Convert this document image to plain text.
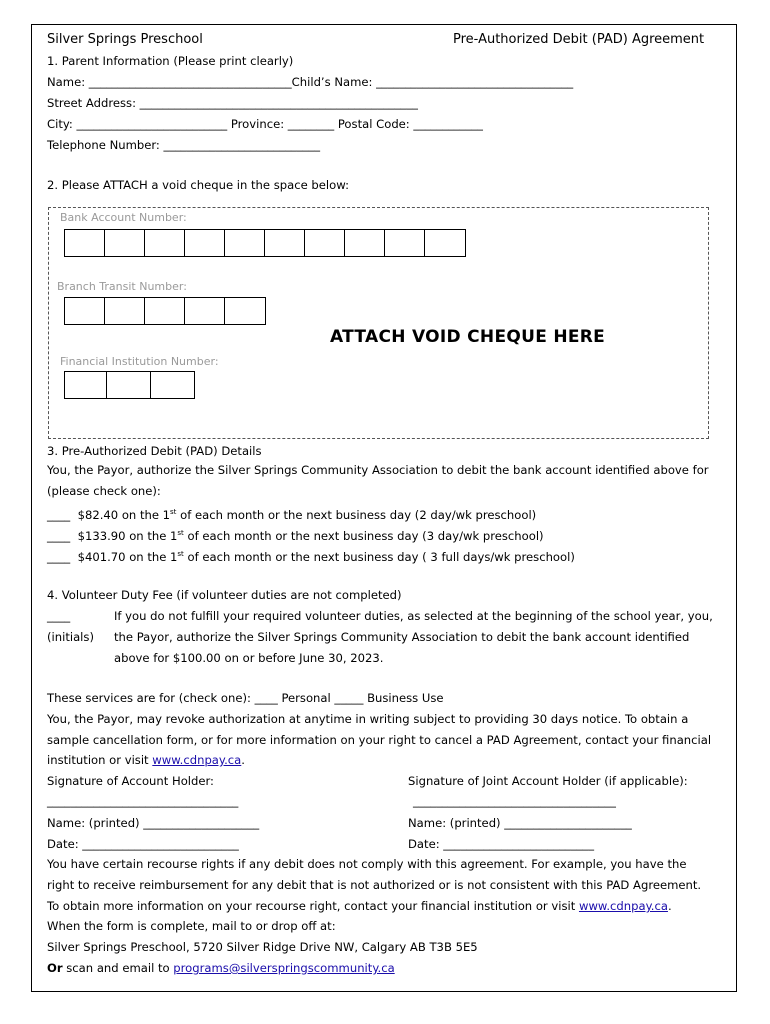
Silver Springs Preschool	Pre-Authorized Debit (PAD) Agreement
1. Parent Information (Please print clearly)
Name: ___________________________________Child’s Name: __________________________________
Street Address: ________________________________________________
City: __________________________ Province: ________ Postal Code: ____________
Telephone Number: ___________________________
2. Please ATTACH a void cheque in the space below:
Bank Account Number:
Branch Transit Number:
ATTACH VOID CHEQUE HERE
Financial Institution Number:
3. Pre-Authorized Debit (PAD) Details
You, the Payor, authorize the Silver Springs Community Association to debit the bank account identified above for
(please check one):
____ $82.40 on the 1st of each month or the next business day (2 day/wk preschool)
____ $133.90 on the 1st of each month or the next business day (3 day/wk preschool)
____ $401.70 on the 1st of each month or the next business day ( 3 full days/wk preschool)
4. Volunteer Duty Fee (if volunteer duties are not completed)
____	If you do not fulfill your required volunteer duties, as selected at the beginning of the school year, you,
(initials) the Payor, authorize the Silver Springs Community Association to debit the bank account identified
above for $100.00 on or before June 30, 2023.
These services are for (check one): ____ Personal _____ Business Use
You, the Payor, may revoke authorization at anytime in writing subject to providing 30 days notice. To obtain a
sample cancellation form, or for more information on your right to cancel a PAD Agreement, contact your financial
institution or visit www.cdnpay.ca.
Signature of Account Holder:	Signature of Joint Account Holder (if applicable):
_________________________________	___________________________________
Name: (printed) ____________________	Name: (printed) ______________________
Date: ___________________________	Date: __________________________
You have certain recourse rights if any debit does not comply with this agreement. For example, you have the
right to receive reimbursement for any debit that is not authorized or is not consistent with this PAD Agreement.
To obtain more information on your recourse right, contact your financial institution or visit www.cdnpay.ca.
When the form is complete, mail to or drop off at:
Silver Springs Preschool, 5720 Silver Ridge Drive NW, Calgary AB T3B 5E5
Or scan and email to programs@silverspringscommunity.ca
